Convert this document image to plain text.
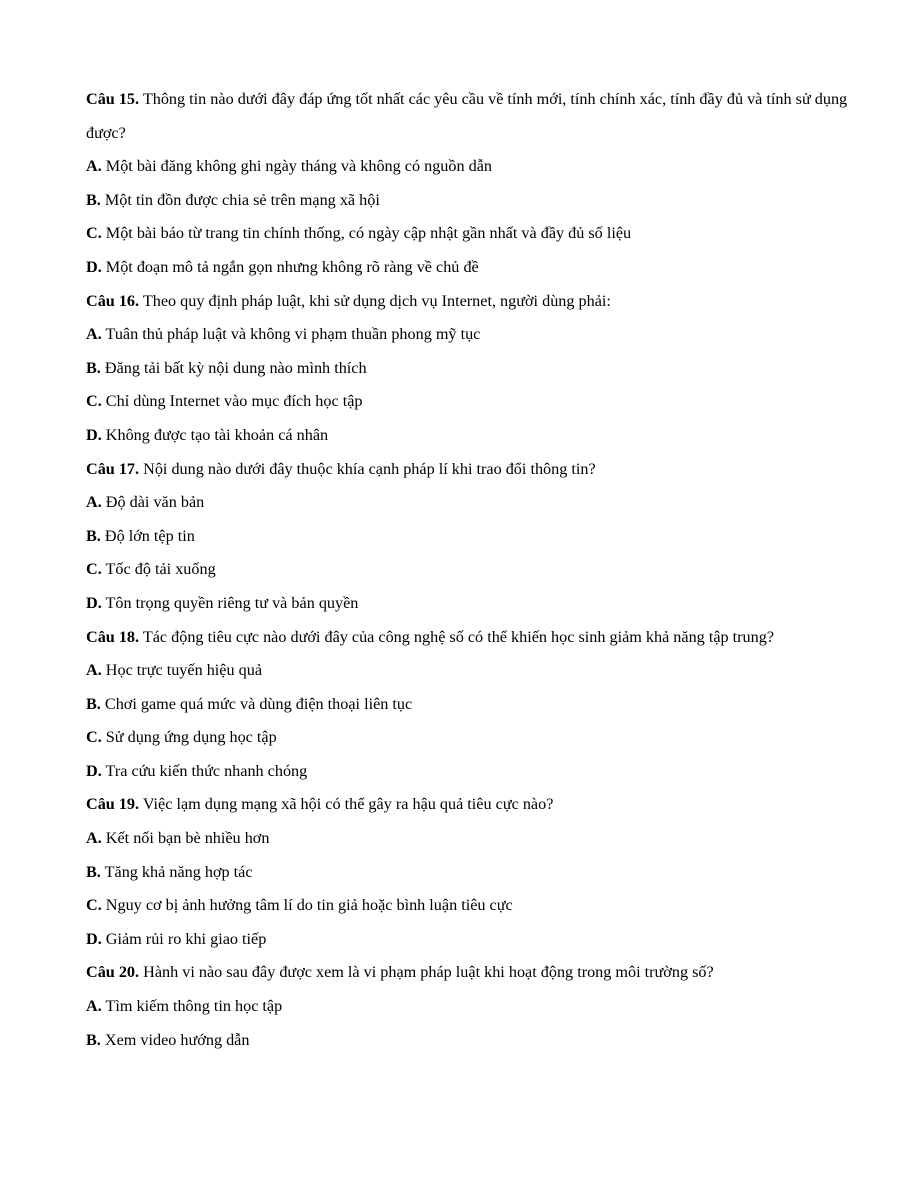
Câu 15. Thông tin nào dưới đây đáp ứng tốt nhất các yêu cầu về tính mới, tính chính xác, tính đầy đủ và tính sử dụng được?
A. Một bài đăng không ghi ngày tháng và không có nguồn dẫn
B. Một tin đồn được chia sẻ trên mạng xã hội
C. Một bài báo từ trang tin chính thống, có ngày cập nhật gần nhất và đầy đủ số liệu
D. Một đoạn mô tả ngắn gọn nhưng không rõ ràng về chủ đề
Câu 16. Theo quy định pháp luật, khi sử dụng dịch vụ Internet, người dùng phải:
A. Tuân thủ pháp luật và không vi phạm thuần phong mỹ tục
B. Đăng tải bất kỳ nội dung nào mình thích
C. Chỉ dùng Internet vào mục đích học tập
D. Không được tạo tài khoản cá nhân
Câu 17. Nội dung nào dưới đây thuộc khía cạnh pháp lí khi trao đổi thông tin?
A. Độ dài văn bản
B. Độ lớn tệp tin
C. Tốc độ tải xuống
D. Tôn trọng quyền riêng tư và bản quyền
Câu 18. Tác động tiêu cực nào dưới đây của công nghệ số có thể khiến học sinh giảm khả năng tập trung?
A. Học trực tuyến hiệu quả
B. Chơi game quá mức và dùng điện thoại liên tục
C. Sử dụng ứng dụng học tập
D. Tra cứu kiến thức nhanh chóng
Câu 19. Việc lạm dụng mạng xã hội có thể gây ra hậu quả tiêu cực nào?
A. Kết nối bạn bè nhiều hơn
B. Tăng khả năng hợp tác
C. Nguy cơ bị ảnh hưởng tâm lí do tin giả hoặc bình luận tiêu cực
D. Giảm rủi ro khi giao tiếp
Câu 20. Hành vi nào sau đây được xem là vi phạm pháp luật khi hoạt động trong môi trường số?
A. Tìm kiếm thông tin học tập
B. Xem video hướng dẫn
